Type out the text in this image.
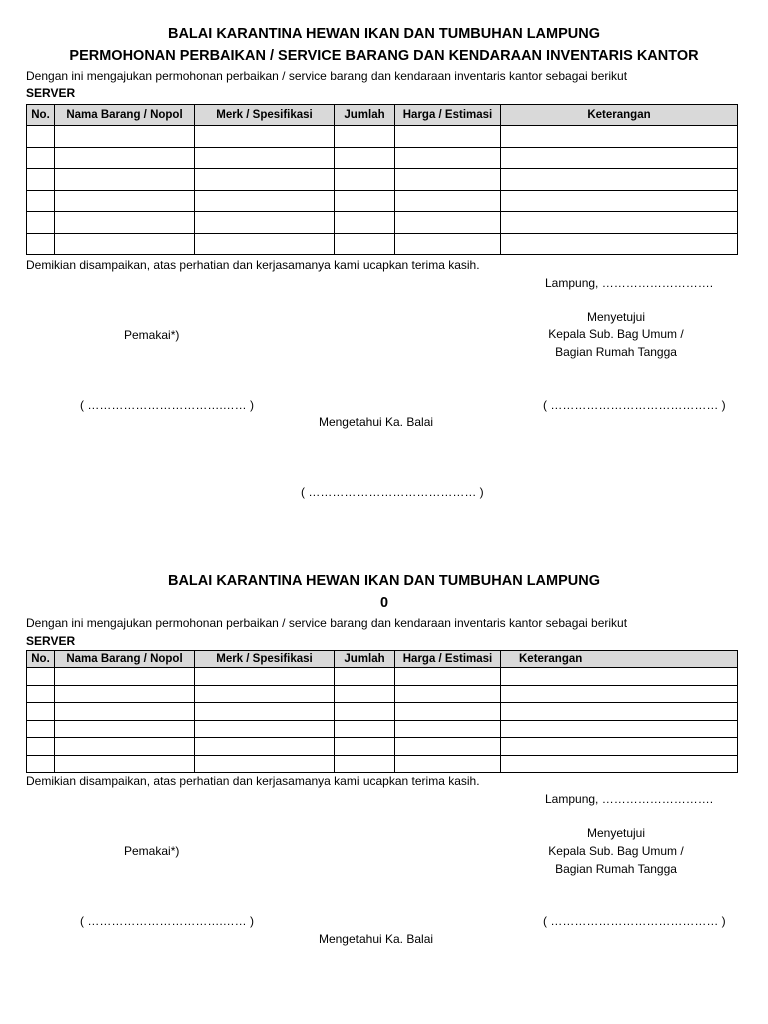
BALAI KARANTINA HEWAN IKAN DAN TUMBUHAN LAMPUNG
PERMOHONAN PERBAIKAN / SERVICE BARANG DAN KENDARAAN INVENTARIS KANTOR
Dengan ini mengajukan permohonan perbaikan / service barang dan kendaraan inventaris kantor sebagai berikut
SERVER
No.	Nama Barang / Nopol	Merk / Spesifikasi	Jumlah	Harga / Estimasi	Keterangan

Demikian disampaikan, atas perhatian dan kerjasamanya kami ucapkan terima kasih.
Lampung, ……………………….
Menyetujui
Pemakai*)	Kepala Sub. Bag Umum /
Bagian Rumah Tangga
( …………………………….…… )	( …………………………………… )
Mengetahui Ka. Balai
( …………………………………… )
BALAI KARANTINA HEWAN IKAN DAN TUMBUHAN LAMPUNG
0
Dengan ini mengajukan permohonan perbaikan / service barang dan kendaraan inventaris kantor sebagai berikut
SERVER
No.	Nama Barang / Nopol	Merk / Spesifikasi	Jumlah	Harga / Estimasi	Keterangan

Demikian disampaikan, atas perhatian dan kerjasamanya kami ucapkan terima kasih.
Lampung, ……………………….
Menyetujui
Pemakai*)	Kepala Sub. Bag Umum /
Bagian Rumah Tangga
( …………………………….…… )	( …………………………………… )
Mengetahui Ka. Balai
